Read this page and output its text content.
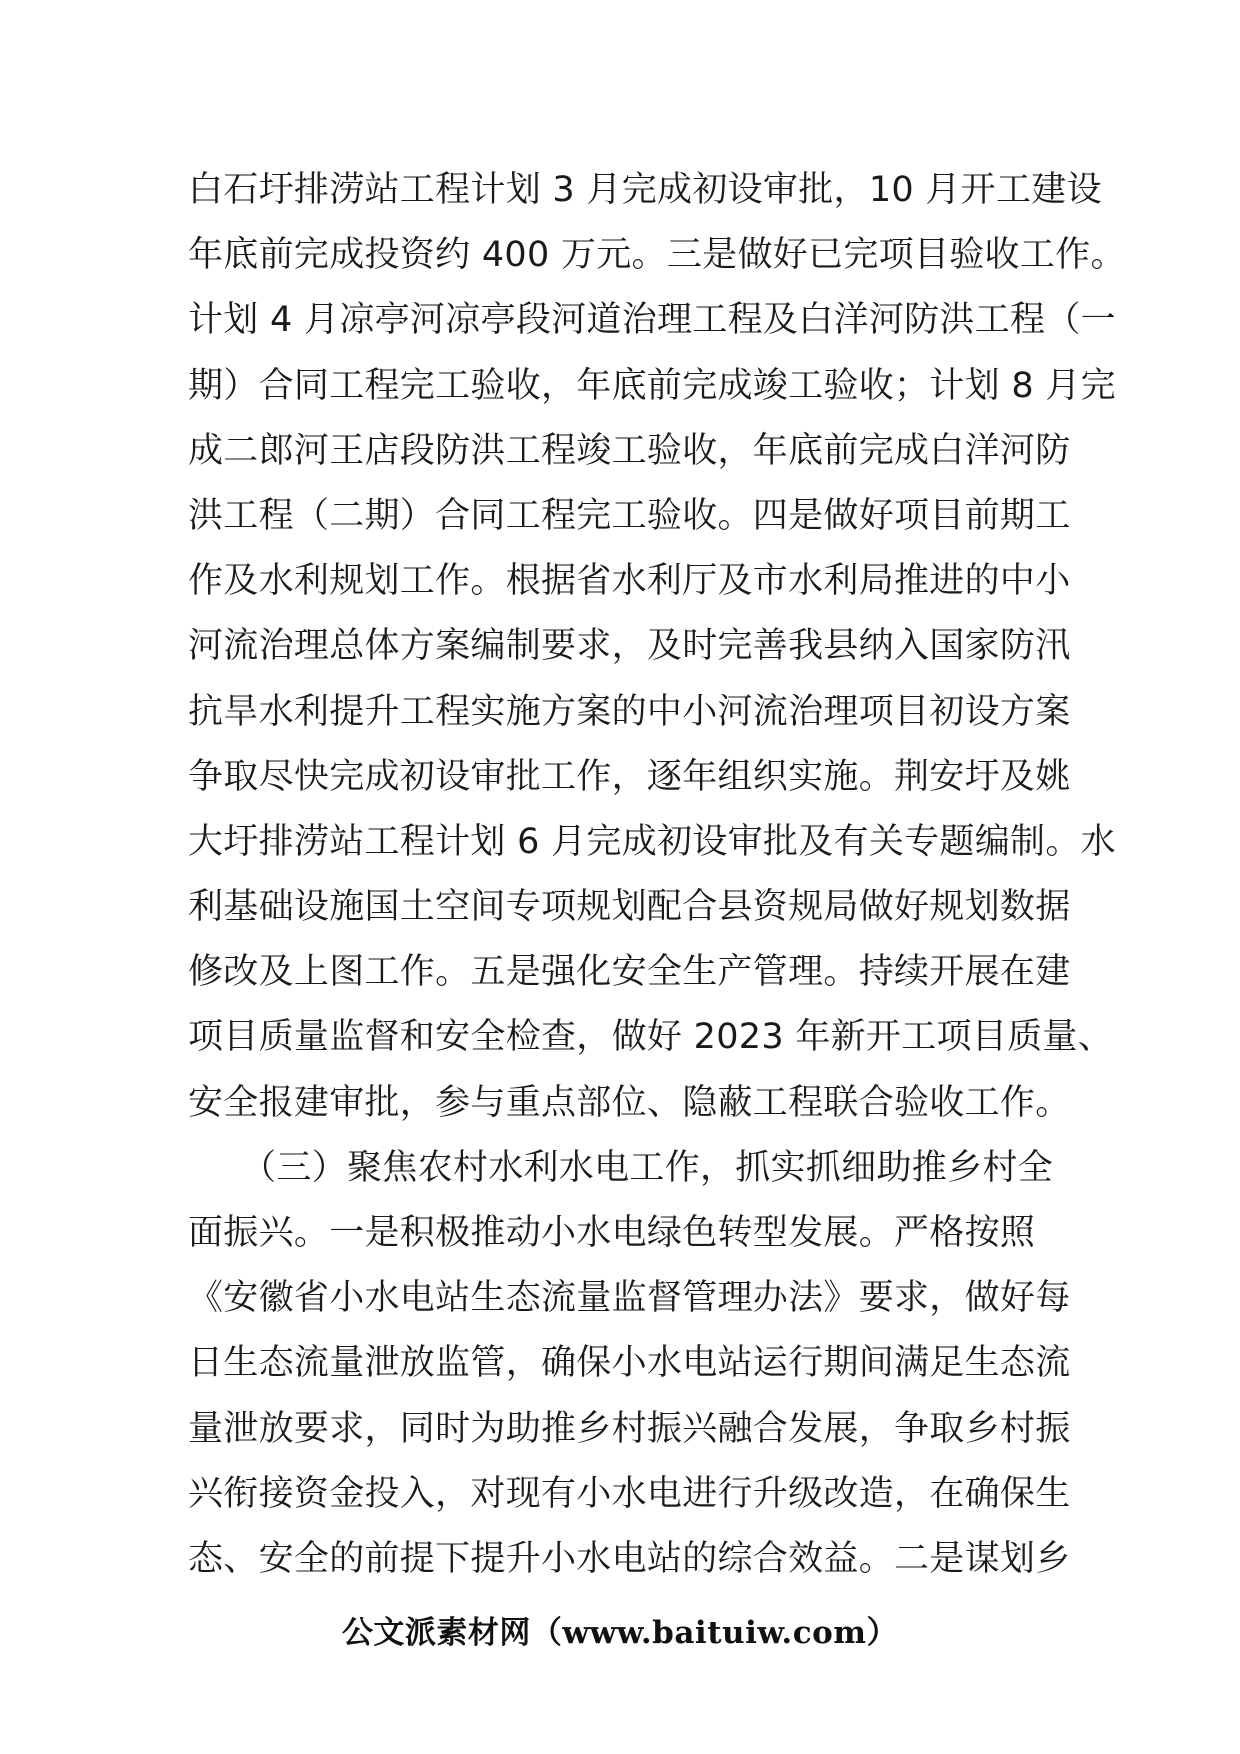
白石圩排涝站工程计划 3 月完成初设审批，10 月开工建设
年底前完成投资约 400 万元。三是做好已完项目验收工作。
计划 4 月凉亭河凉亭段河道治理工程及白洋河防洪工程（一
期）合同工程完工验收，年底前完成竣工验收；计划 8 月完
成二郎河王店段防洪工程竣工验收，年底前完成白洋河防
洪工程（二期）合同工程完工验收。四是做好项目前期工
作及水利规划工作。根据省水利厅及市水利局推进的中小
河流治理总体方案编制要求，及时完善我县纳入国家防汛
抗旱水利提升工程实施方案的中小河流治理项目初设方案
争取尽快完成初设审批工作，逐年组织实施。荆安圩及姚
大圩排涝站工程计划 6 月完成初设审批及有关专题编制。水
利基础设施国土空间专项规划配合县资规局做好规划数据
修改及上图工作。五是强化安全生产管理。持续开展在建
项目质量监督和安全检查，做好 2023 年新开工项目质量、
安全报建审批，参与重点部位、隐蔽工程联合验收工作。
　　（三）聚焦农村水利水电工作，抓实抓细助推乡村全
面振兴。一是积极推动小水电绿色转型发展。严格按照
《安徽省小水电站生态流量监督管理办法》要求，做好每
日生态流量泄放监管，确保小水电站运行期间满足生态流
量泄放要求，同时为助推乡村振兴融合发展，争取乡村振
兴衔接资金投入，对现有小水电进行升级改造，在确保生
态、安全的前提下提升小水电站的综合效益。二是谋划乡
公文派素材网（www.baituiw.com）
